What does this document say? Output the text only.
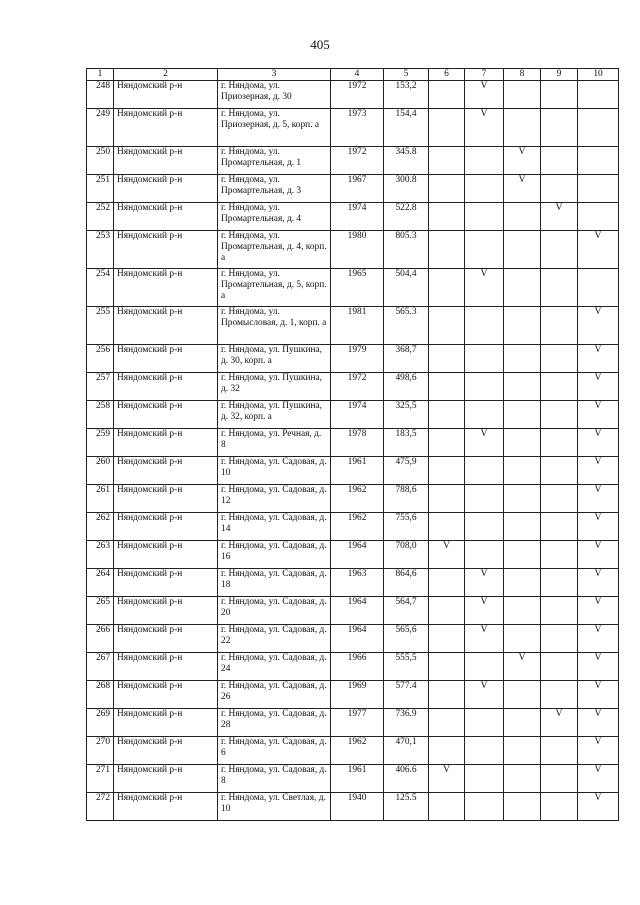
405
1	2	3	4	5	6	7	8	9	10
248	Няндомский р-н	г. Няндома, ул. Приозерная, д. 30	1972	153,2		V			
249	Няндомский р-н	г. Няндома, ул. Приозерная, д. 5, корп. а	1973	154,4		V			
250	Няндомский р-н	г. Няндома, ул. Промартельная, д. 1	1972	345.8			V		
251	Няндомский р-н	г. Няндома, ул. Промартельная, д. 3	1967	300.8			V		
252	Няндомский р-н	г. Няндома, ул. Промартельная, д. 4	1974	522.8				V	
253	Няндомский р-н	г. Няндома, ул. Промартельная, д. 4, корп. а	1980	805.3					V
254	Няндомский р-н	г. Няндома, ул. Промартельная, д. 5, корп. а	1965	504,4		V			
255	Няндомский р-н	г. Няндома, ул. Промысловая, д. 1, корп. а	1981	565.3					V
256	Няндомский р-н	г. Няндома, ул. Пушкина, д. 30, корп. а	1979	368,7					V
257	Няндомский р-н	г. Няндома, ул. Пушкина, д. 32	1972	498,6					V
258	Няндомский р-н	г. Няндома, ул. Пушкина, д. 32, корп. а	1974	325,5					V
259	Няндомский р-н	г. Няндома, ул. Речная, д. 8	1978	183,5		V			V
260	Няндомский р-н	г. Няндома, ул. Садовая, д. 10	1961	475,9					V
261	Няндомский р-н	г. Няндома, ул. Садовая, д. 12	1962	788,6					V
262	Няндомский р-н	г. Няндома, ул. Садовая, д. 14	1962	755,6					V
263	Няндомский р-н	г. Няндома, ул. Садовая, д. 16	1964	708,0	V				V
264	Няндомский р-н	г. Няндома, ул. Садовая, д. 18	1963	864,6		V			V
265	Няндомский р-н	г. Няндома, ул. Садовая, д. 20	1964	564,7		V			V
266	Няндомский р-н	г. Няндома, ул. Садовая, д. 22	1964	565,6		V			V
267	Няндомский р-н	г. Няндома, ул. Садовая, д. 24	1966	555,5			V		V
268	Няндомский р-н	г. Няндома, ул. Садовая, д. 26	1969	577.4		V			V
269	Няндомский р-н	г. Няндома, ул. Садовая, д. 28	1977	736.9				V	V
270	Няндомский р-н	г. Няндома, ул. Садовая, д. 6	1962	470,1					V
271	Няндомский р-н	г. Няндома, ул. Садовая, д. 8	1961	406.6	V				V
272	Няндомский р-н	г. Няндома, ул. Светлая, д. 10	1940	125.5					V
